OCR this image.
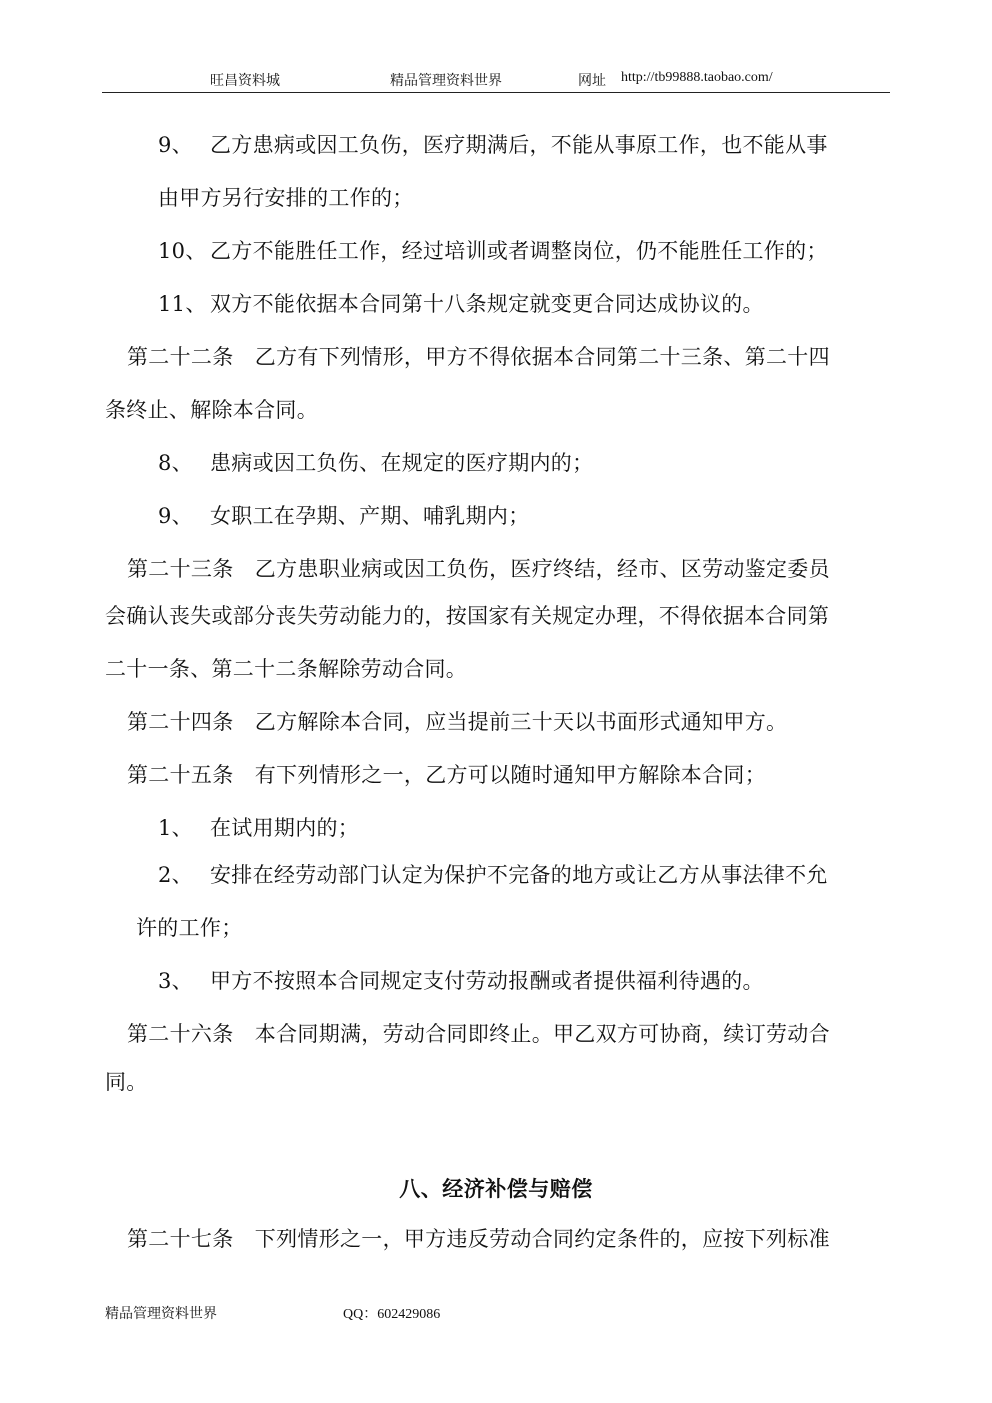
旺昌资料城	精品管理资料世界	网址 http://tb99888.taobao.com/
9、 乙方患病或因工负伤，医疗期满后，不能从事原工作，也不能从事
由甲方另行安排的工作的；
10、 乙方不能胜任工作，经过培训或者调整岗位，仍不能胜任工作的；
11、 双方不能依据本合同第十八条规定就变更合同达成协议的。
第二十二条　乙方有下列情形，甲方不得依据本合同第二十三条、第二十四
条终止、解除本合同。
8、 患病或因工负伤、在规定的医疗期内的；
9、 女职工在孕期、产期、哺乳期内；
第二十三条　乙方患职业病或因工负伤，医疗终结，经市、区劳动鉴定委员
会确认丧失或部分丧失劳动能力的，按国家有关规定办理，不得依据本合同第
二十一条、第二十二条解除劳动合同。
第二十四条　乙方解除本合同，应当提前三十天以书面形式通知甲方。
第二十五条　有下列情形之一，乙方可以随时通知甲方解除本合同；
1、 在试用期内的；
2、 安排在经劳动部门认定为保护不完备的地方或让乙方从事法律不允
许的工作；
3、 甲方不按照本合同规定支付劳动报酬或者提供福利待遇的。
第二十六条　本合同期满，劳动合同即终止。甲乙双方可协商，续订劳动合
同。
八、经济补偿与赔偿
第二十七条　下列情形之一，甲方违反劳动合同约定条件的，应按下列标准
精品管理资料世界	QQ：602429086
